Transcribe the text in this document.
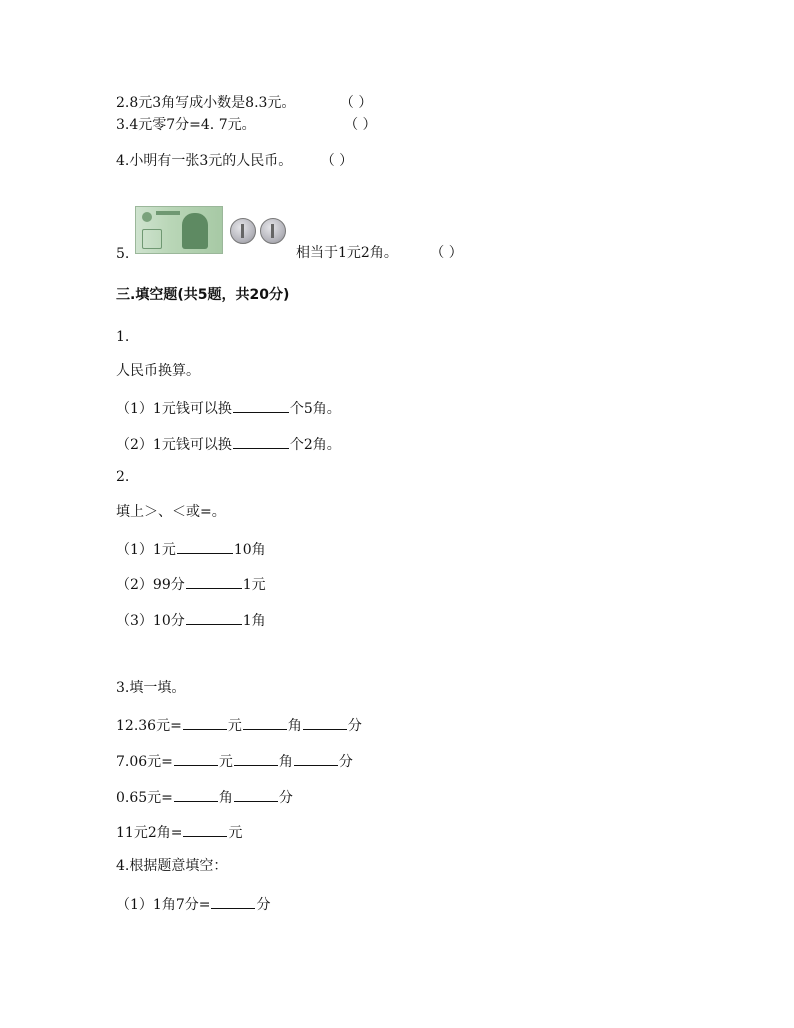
2.8元3角写成小数是8.3元。	（ ）
3.4元零7分=4. 7元。	（ ）
4.小明有一张3元的人民币。 （ ）
5.	相当于1元2角。 （ ）
三.填空题(共5题，共20分)
1.
人民币换算。
（1）1元钱可以换	个5角。
（2）1元钱可以换	个2角。
2.
填上＞、＜或=。
（1）1元	10角
（2）99分	1元
（3）10分	1角
3.填一填。
12.36元=	元	角	分
7.06元=	元	角	分
0.65元=	角	分
11元2角=	元
4.根据题意填空：
（1）1角7分=	分
